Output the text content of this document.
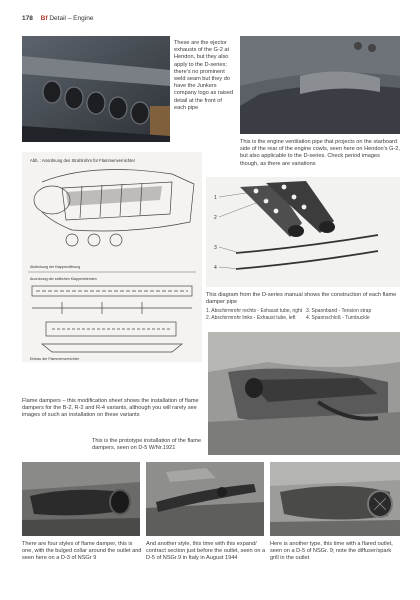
178 Bf Detail – Engine
These are the ejector exhausts of the G-2 at Hendon, but they also apply to the D-series; there's no prominent weld seam but they do have the Junkers company logo as raised detail at the front of each pipe
This is the engine ventilation pipe that projects on the starboard side of the rear of the engine cowls, seen here on Hendon's G-2, but also applicable to the D-series. Check period images though, as there are variations
Abb. : Anordnung des Strahlrohrs für Flammenvernichter
Abdeckung der Klappenöffnung
Anordnung der seitlichen Klappenblenden
Einbau der Flammenvernichter
1
2
3
4
This diagram from the D-series manual shows the construction of each flame damper pipe
1. Abschirmrohr rechts - Exhaust tube, right
2. Abschirmrohr links - Exhaust tube, left
3. Spannband - Tension strap
4. Spannschloß - Turnbuckle
Flame dampers – this modification sheet shows the installation of flame dampers for the B-2, R-2 and R-4 variants, although you will rarely see images of such an installation on these variants
This is the prototype installation of the flame dampers, seen on D-5 W/Nr.1921
There are four styles of flame damper, this is one, with the bulged collar around the outlet and seen here on a D-3 of NSGr 9
And another style, this time with this expand/ contract section just before the outlet, seen on a D-5 of NSGr.9 in Italy in August 1944
Here is another type, this time with a flared outlet, seen on a D-5 of NSGr. 9; note the diffuser/spark grill in the outlet
